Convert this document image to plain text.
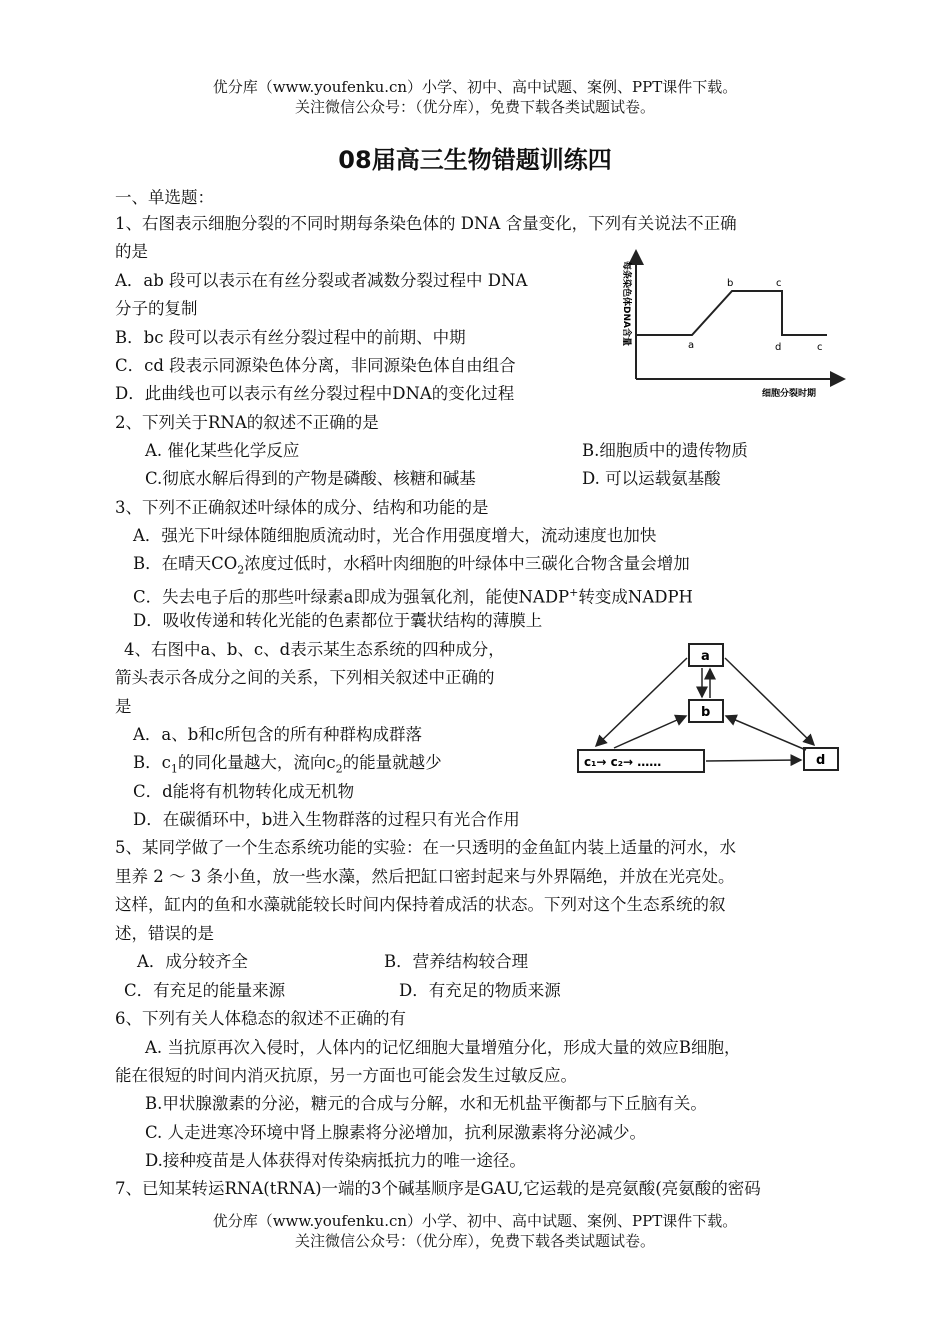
优分库（www.youfenku.cn）小学、初中、高中试题、案例、PPT课件下载。
关注微信公众号：（优分库），免费下载各类试题试卷。
08届高三生物错题训练四
一、单选题：
1、右图表示细胞分裂的不同时期每条染色体的 DNA 含量变化，下列有关说法不正确
的是
A．ab 段可以表示在有丝分裂或者减数分裂过程中 DNA
分子的复制
B．bc 段可以表示有丝分裂过程中的前期、中期
C．cd 段表示同源染色体分离，非同源染色体自由组合
D．此曲线也可以表示有丝分裂过程中DNA的变化过程
每条染色体DNA含量
细胞分裂时期
a
b	c
d	c
2、下列关于RNA的叙述不正确的是
A. 催化某些化学反应	B.细胞质中的遗传物质
C.彻底水解后得到的产物是磷酸、核糖和碱基	D. 可以运载氨基酸
3、下列不正确叙述叶绿体的成分、结构和功能的是
A．强光下叶绿体随细胞质流动时，光合作用强度增大，流动速度也加快
B．在晴天$CO_2$浓度过低时，水稻叶肉细胞的叶绿体中三碳化合物含量会增加
C．失去电子后的那些叶绿素a即成为强氧化剂，能使NADP+转变成NADPH
D．吸收传递和转化光能的色素都位于囊状结构的薄膜上
4、右图中a、b、c、d表示某生态系统的四种成分，
箭头表示各成分之间的关系，下列相关叙述中正确的
是
A．a、b和c所包含的所有种群构成群落
B．$c_1$的同化量越大，流向$c_2$的能量就越少
C．d能将有机物转化成无机物
D．在碳循环中，b进入生物群落的过程只有光合作用
a
b
d
c₁→ c₂→ ……
5、某同学做了一个生态系统功能的实验：在一只透明的金鱼缸内装上适量的河水，水
里养 2 ～ 3 条小鱼，放一些水藻，然后把缸口密封起来与外界隔绝，并放在光亮处。
这样，缸内的鱼和水藻就能较长时间内保持着成活的状态。下列对这个生态系统的叙
述，错误的是
A．成分较齐全	B．营养结构较合理
C．有充足的能量来源	D．有充足的物质来源
6、下列有关人体稳态的叙述不正确的有
A. 当抗原再次入侵时，人体内的记忆细胞大量增殖分化，形成大量的效应B细胞，
能在很短的时间内消灭抗原，另一方面也可能会发生过敏反应。
B.甲状腺激素的分泌，糖元的合成与分解，水和无机盐平衡都与下丘脑有关。
C. 人走进寒冷环境中肾上腺素将分泌增加，抗利尿激素将分泌减少。
D.接种疫苗是人体获得对传染病抵抗力的唯一途径。
7、已知某转运RNA(tRNA)一端的3个碱基顺序是GAU,它运载的是亮氨酸(亮氨酸的密码
优分库（www.youfenku.cn）小学、初中、高中试题、案例、PPT课件下载。
关注微信公众号：（优分库），免费下载各类试题试卷。
